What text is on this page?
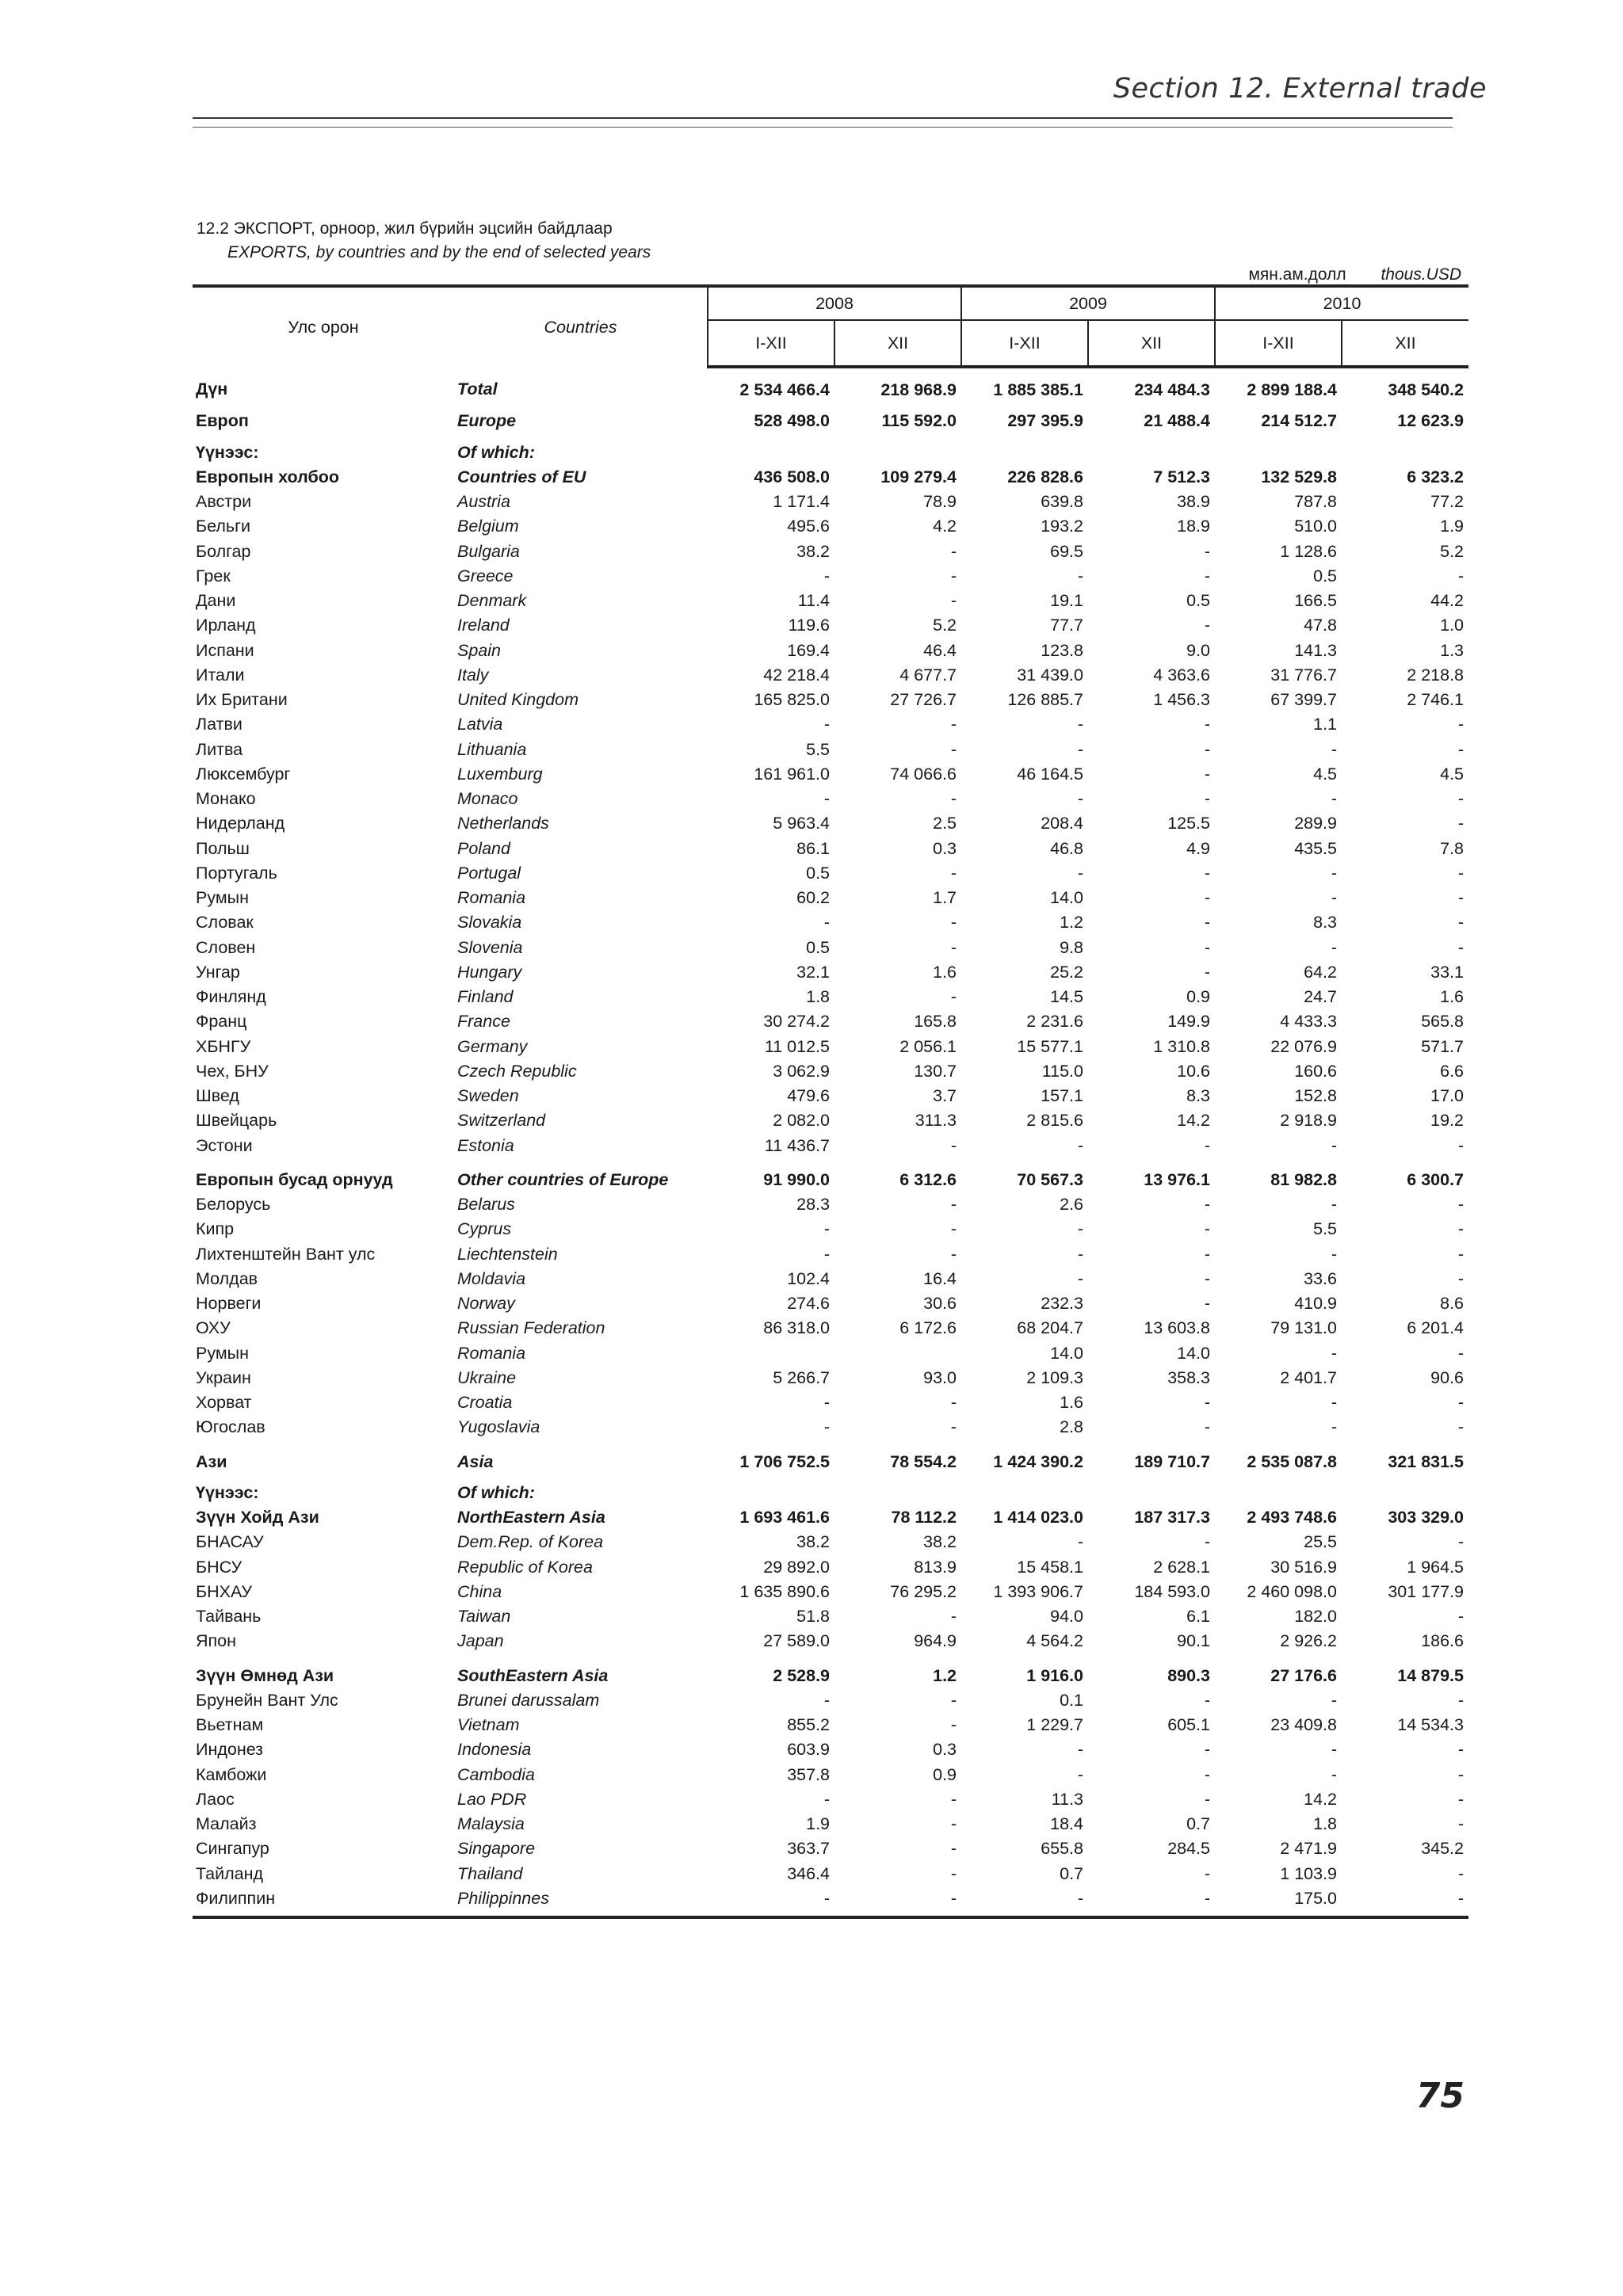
Section 12. External trade
12.2 ЭКСПОРТ, орноор, жил бүрийн эцсийн байдлаар
EXPORTS, by countries and by the end of selected years
мян.ам.долл thous.USD
Улс орон	Countries	2008		2009		2010	
		I-XII	XII	I-XII	XII	I-XII	XII
Дүн	Total	2 534 466.4	218 968.9	1 885 385.1	234 484.3	2 899 188.4	348 540.2
Европ	Europe	528 498.0	115 592.0	297 395.9	21 488.4	214 512.7	12 623.9
Үүнээс:	Of which:						
Европын холбоо	Countries of EU	436 508.0	109 279.4	226 828.6	7 512.3	132 529.8	6 323.2
Австри	Austria	1 171.4	78.9	639.8	38.9	787.8	77.2
Бельги	Belgium	495.6	4.2	193.2	18.9	510.0	1.9
Болгар	Bulgaria	38.2	-	69.5	-	1 128.6	5.2
Грек	Greece	-	-	-	-	0.5	-
Дани	Denmark	11.4	-	19.1	0.5	166.5	44.2
Ирланд	Ireland	119.6	5.2	77.7	-	47.8	1.0
Испани	Spain	169.4	46.4	123.8	9.0	141.3	1.3
Итали	Italy	42 218.4	4 677.7	31 439.0	4 363.6	31 776.7	2 218.8
Их Британи	United Kingdom	165 825.0	27 726.7	126 885.7	1 456.3	67 399.7	2 746.1
Латви	Latvia	-	-	-	-	1.1	-
Литва	Lithuania	5.5	-	-	-	-	-
Люксембург	Luxemburg	161 961.0	74 066.6	46 164.5	-	4.5	4.5
Монако	Monaco	-	-	-	-	-	-
Нидерланд	Netherlands	5 963.4	2.5	208.4	125.5	289.9	-
Польш	Poland	86.1	0.3	46.8	4.9	435.5	7.8
Португаль	Portugal	0.5	-	-	-	-	-
Румын	Romania	60.2	1.7	14.0	-	-	-
Словак	Slovakia	-	-	1.2	-	8.3	-
Словен	Slovenia	0.5	-	9.8	-	-	-
Унгар	Hungary	32.1	1.6	25.2	-	64.2	33.1
Финлянд	Finland	1.8	-	14.5	0.9	24.7	1.6
Франц	France	30 274.2	165.8	2 231.6	149.9	4 433.3	565.8
ХБНГУ	Germany	11 012.5	2 056.1	15 577.1	1 310.8	22 076.9	571.7
Чех, БНУ	Czech Republic	3 062.9	130.7	115.0	10.6	160.6	6.6
Швед	Sweden	479.6	3.7	157.1	8.3	152.8	17.0
Швейцарь	Switzerland	2 082.0	311.3	2 815.6	14.2	2 918.9	19.2
Эстони	Estonia	11 436.7	-	-	-	-	-
Европын бусад орнууд	Other countries of Europe	91 990.0	6 312.6	70 567.3	13 976.1	81 982.8	6 300.7
Белорусь	Belarus	28.3	-	2.6	-	-	-
Кипр	Cyprus	-	-	-	-	5.5	-
Лихтенштейн Вант улс	Liechtenstein	-	-	-	-	-	-
Молдав	Moldavia	102.4	16.4	-	-	33.6	-
Норвеги	Norway	274.6	30.6	232.3	-	410.9	8.6
ОХУ	Russian Federation	86 318.0	6 172.6	68 204.7	13 603.8	79 131.0	6 201.4
Румын	Romania			14.0	14.0	-	-
Украин	Ukraine	5 266.7	93.0	2 109.3	358.3	2 401.7	90.6
Хорват	Croatia	-	-	1.6	-	-	-
Югослав	Yugoslavia	-	-	2.8	-	-	-
Ази	Asia	1 706 752.5	78 554.2	1 424 390.2	189 710.7	2 535 087.8	321 831.5
Үүнээс:	Of which:						
Зүүн Хойд Ази	NorthEastern Asia	1 693 461.6	78 112.2	1 414 023.0	187 317.3	2 493 748.6	303 329.0
БНАСАУ	Dem.Rep. of Korea	38.2	38.2	-	-	25.5	-
БНСУ	Republic of Korea	29 892.0	813.9	15 458.1	2 628.1	30 516.9	1 964.5
БНХАУ	China	1 635 890.6	76 295.2	1 393 906.7	184 593.0	2 460 098.0	301 177.9
Тайвань	Taiwan	51.8	-	94.0	6.1	182.0	-
Япон	Japan	27 589.0	964.9	4 564.2	90.1	2 926.2	186.6
Зүүн Өмнөд Ази	SouthEastern Asia	2 528.9	1.2	1 916.0	890.3	27 176.6	14 879.5
Брунейн Вант Улс	Brunei darussalam	-	-	0.1	-	-	-
Вьетнам	Vietnam	855.2	-	1 229.7	605.1	23 409.8	14 534.3
Индонез	Indonesia	603.9	0.3	-	-	-	-
Камбожи	Cambodia	357.8	0.9	-	-	-	-
Лаос	Lao PDR	-	-	11.3	-	14.2	-
Малайз	Malaysia	1.9	-	18.4	0.7	1.8	-
Сингапур	Singapore	363.7	-	655.8	284.5	2 471.9	345.2
Тайланд	Thailand	346.4	-	0.7	-	1 103.9	-
Филиппин	Philippinnes	-	-	-	-	175.0	-
75
